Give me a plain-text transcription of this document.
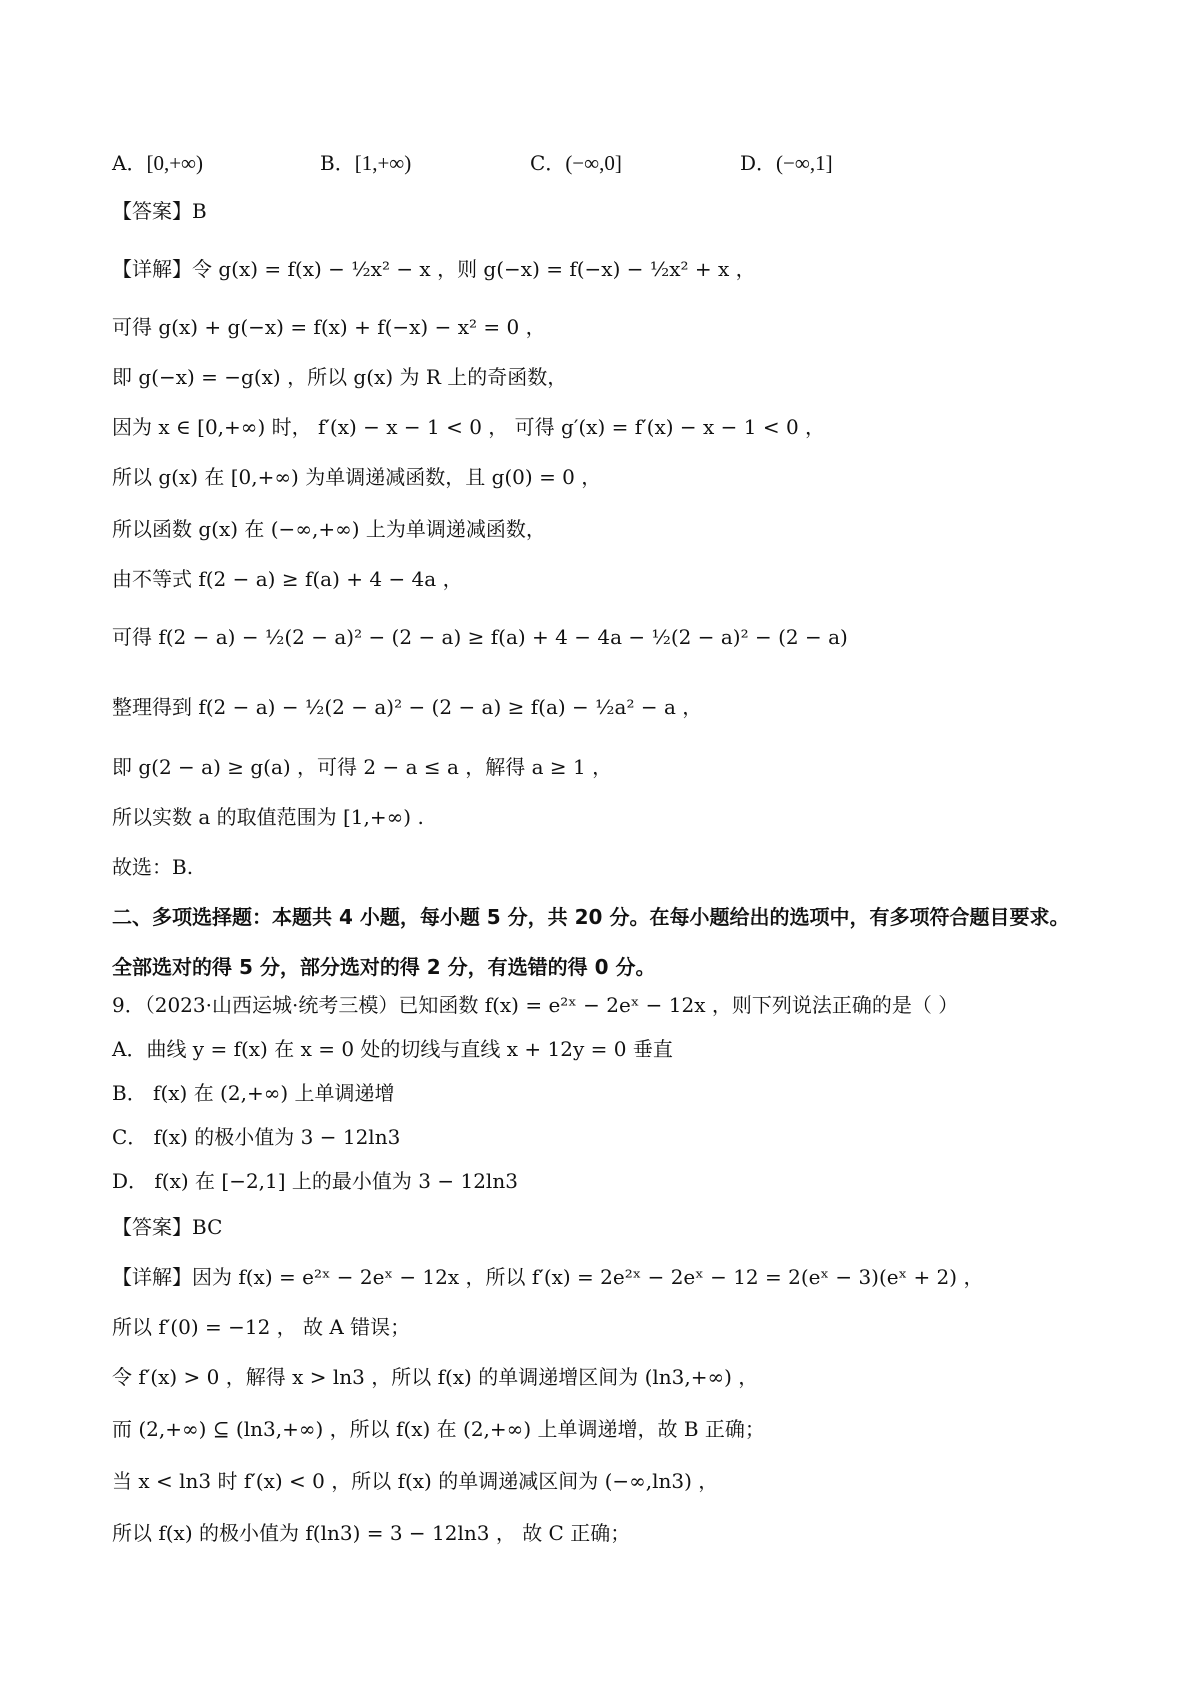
A．[0,+∞)	B．[1,+∞)	C．(−∞,0]	D．(−∞,1]
【答案】B
【详解】令 g(x) = f(x) − ½x² − x ，则 g(−x) = f(−x) − ½x² + x ，
可得 g(x) + g(−x) = f(x) + f(−x) − x² = 0 ，
即 g(−x) = −g(x) ，所以 g(x) 为 R 上的奇函数，
因为 x ∈ [0,+∞) 时， f′(x) − x − 1 < 0 ， 可得 g′(x) = f′(x) − x − 1 < 0 ，
所以 g(x) 在 [0,+∞) 为单调递减函数，且 g(0) = 0 ，
所以函数 g(x) 在 (−∞,+∞) 上为单调递减函数，
由不等式 f(2 − a) ≥ f(a) + 4 − 4a ，
可得 f(2 − a) − ½(2 − a)² − (2 − a) ≥ f(a) + 4 − 4a − ½(2 − a)² − (2 − a)
整理得到 f(2 − a) − ½(2 − a)² − (2 − a) ≥ f(a) − ½a² − a ，
即 g(2 − a) ≥ g(a) ，可得 2 − a ≤ a ，解得 a ≥ 1 ，
所以实数 a 的取值范围为 [1,+∞) .
故选：B.
二、多项选择题：本题共 4 小题，每小题 5 分，共 20 分。在每小题给出的选项中，有多项符合题目要求。
全部选对的得 5 分，部分选对的得 2 分，有选错的得 0 分。
9．（2023·山西运城·统考三模）已知函数 f(x) = e²ˣ − 2eˣ − 12x ，则下列说法正确的是（ ）
A．曲线 y = f(x) 在 x = 0 处的切线与直线 x + 12y = 0 垂直
B． f(x) 在 (2,+∞) 上单调递增
C． f(x) 的极小值为 3 − 12ln3
D． f(x) 在 [−2,1] 上的最小值为 3 − 12ln3
【答案】BC
【详解】因为 f(x) = e²ˣ − 2eˣ − 12x ，所以 f′(x) = 2e²ˣ − 2eˣ − 12 = 2(eˣ − 3)(eˣ + 2) ，
所以 f′(0) = −12 ， 故 A 错误；
令 f′(x) > 0 ，解得 x > ln3 ，所以 f(x) 的单调递增区间为 (ln3,+∞) ，
而 (2,+∞) ⊆ (ln3,+∞) ，所以 f(x) 在 (2,+∞) 上单调递增，故 B 正确；
当 x < ln3 时 f′(x) < 0 ，所以 f(x) 的单调递减区间为 (−∞,ln3) ，
所以 f(x) 的极小值为 f(ln3) = 3 − 12ln3 ， 故 C 正确；
